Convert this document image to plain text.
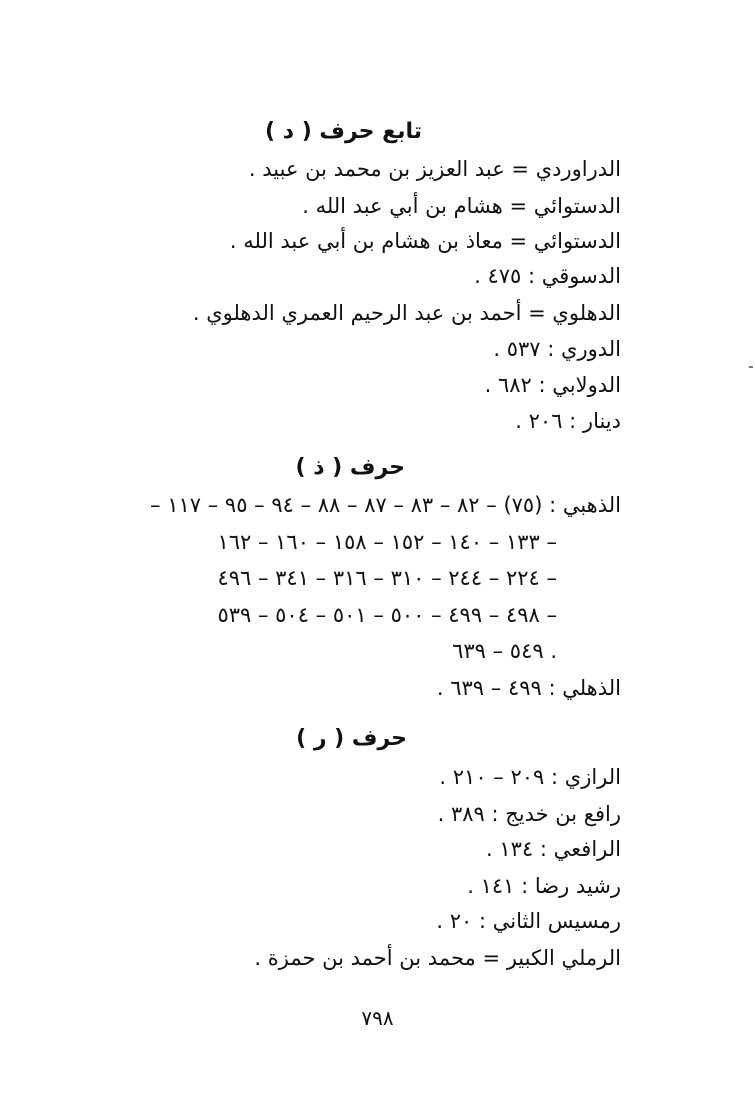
تابع حرف ( د )
الدراوردي = عبد العزيز بن محمد بن عبيد .
الدستوائي = هشام بن أبي عبد الله .
الدستوائي = معاذ بن هشام بن أبي عبد الله .
الدسوقي : ٤٧٥ .
الدهلوي = أحمد بن عبد الرحيم العمري الدهلوي .
الدوري : ٥٣٧ .
الدولابي : ٦٨٢ .
دينار : ٢٠٦ .
حرف ( ذ )
الذهبي : (٧٥) – ٨٢ – ٨٣ – ٨٧ – ٨٨ – ٩٤ – ٩٥ – ١١٧ –
١٣٣ – ١٤٠ – ١٥٢ – ١٥٨ – ١٦٠ – ١٦٢ –
٢٢٤ – ٢٤٤ – ٣١٠ – ٣١٦ – ٣٤١ – ٤٩٦ –
٤٩٨ – ٤٩٩ – ٥٠٠ – ٥٠١ – ٥٠٤ – ٥٣٩ –
٥٤٩ – ٦٣٩ .
الذهلي : ٤٩٩ – ٦٣٩ .
حرف ( ر )
الرازي : ٢٠٩ – ٢١٠ .
رافع بن خديج : ٣٨٩ .
الرافعي : ١٣٤ .
رشيد رضا : ١٤١ .
رمسيس الثاني : ٢٠ .
الرملي الكبير = محمد بن أحمد بن حمزة .
٧٩٨
